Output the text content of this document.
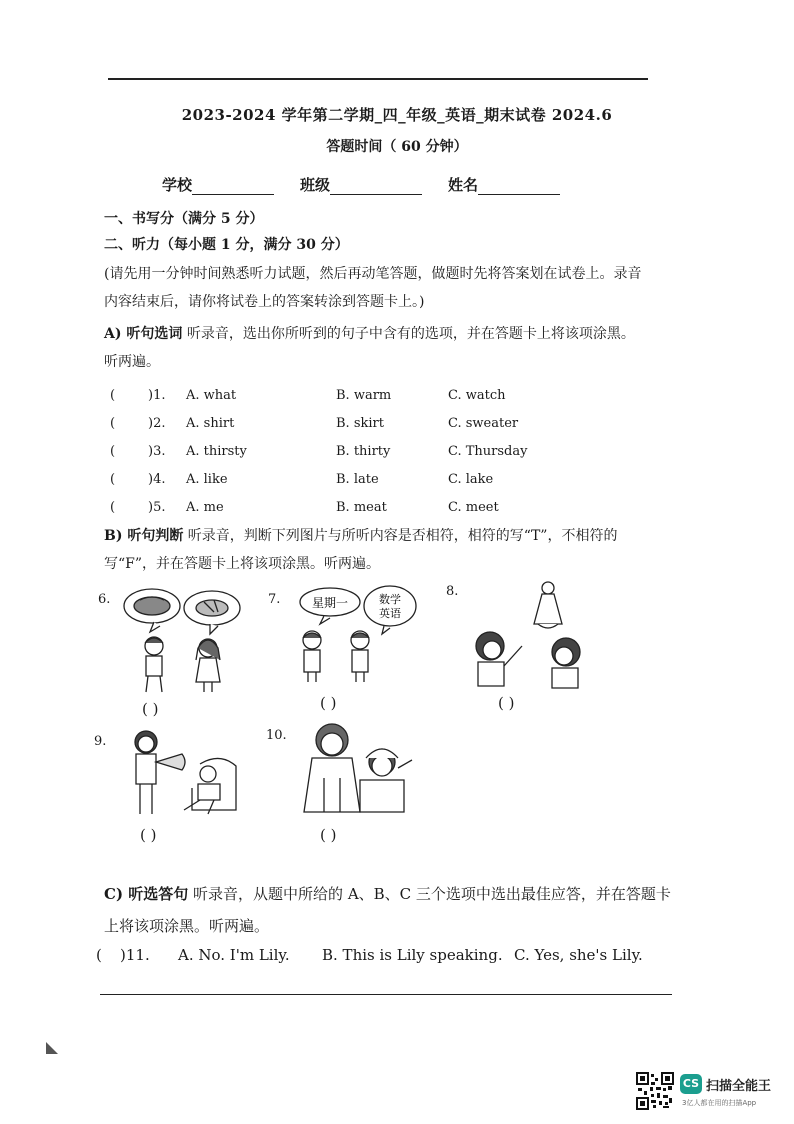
2023-2024 学年第二学期_四_年级_英语_期末试卷 2024.6
答题时间（ 60 分钟）
学校	班级	姓名
一、书写分（满分 5 分）
二、听力（每小题 1 分，满分 30 分）
(请先用一分钟时间熟悉听力试题，然后再动笔答题，做题时先将答案划在试卷上。录音内容结束后，请你将试卷上的答案转涂到答题卡上。)
A) 听句选词 听录音，选出你所听到的句子中含有的选项，并在答题卡上将该项涂黑。听两遍。
(	)1. A. what	B. warm	C. watch
(	)2. A. shirt	B. skirt	C. sweater
(	)3. A. thirsty	B. thirty	C. Thursday
(	)4. A. like	B. late	C. lake
(	)5. A. me	B. meat	C. meet
B) 听句判断 听录音，判断下列图片与所听内容是否相符，相符的写“T”，不相符的写“F”，并在答题卡上将该项涂黑。听两遍。
6.
( )
7.	星期一	数学
英语
( )
8.
( )
9.
( )
10.
( )
C) 听选答句 听录音，从题中所给的 A、B、C 三个选项中选出最佳应答，并在答题卡上将该项涂黑。听两遍。
( )11. A. No. I'm Lily. B. This is Lily speaking. C. Yes, she's Lily.
CS 扫描全能王
3亿人都在用的扫描App
